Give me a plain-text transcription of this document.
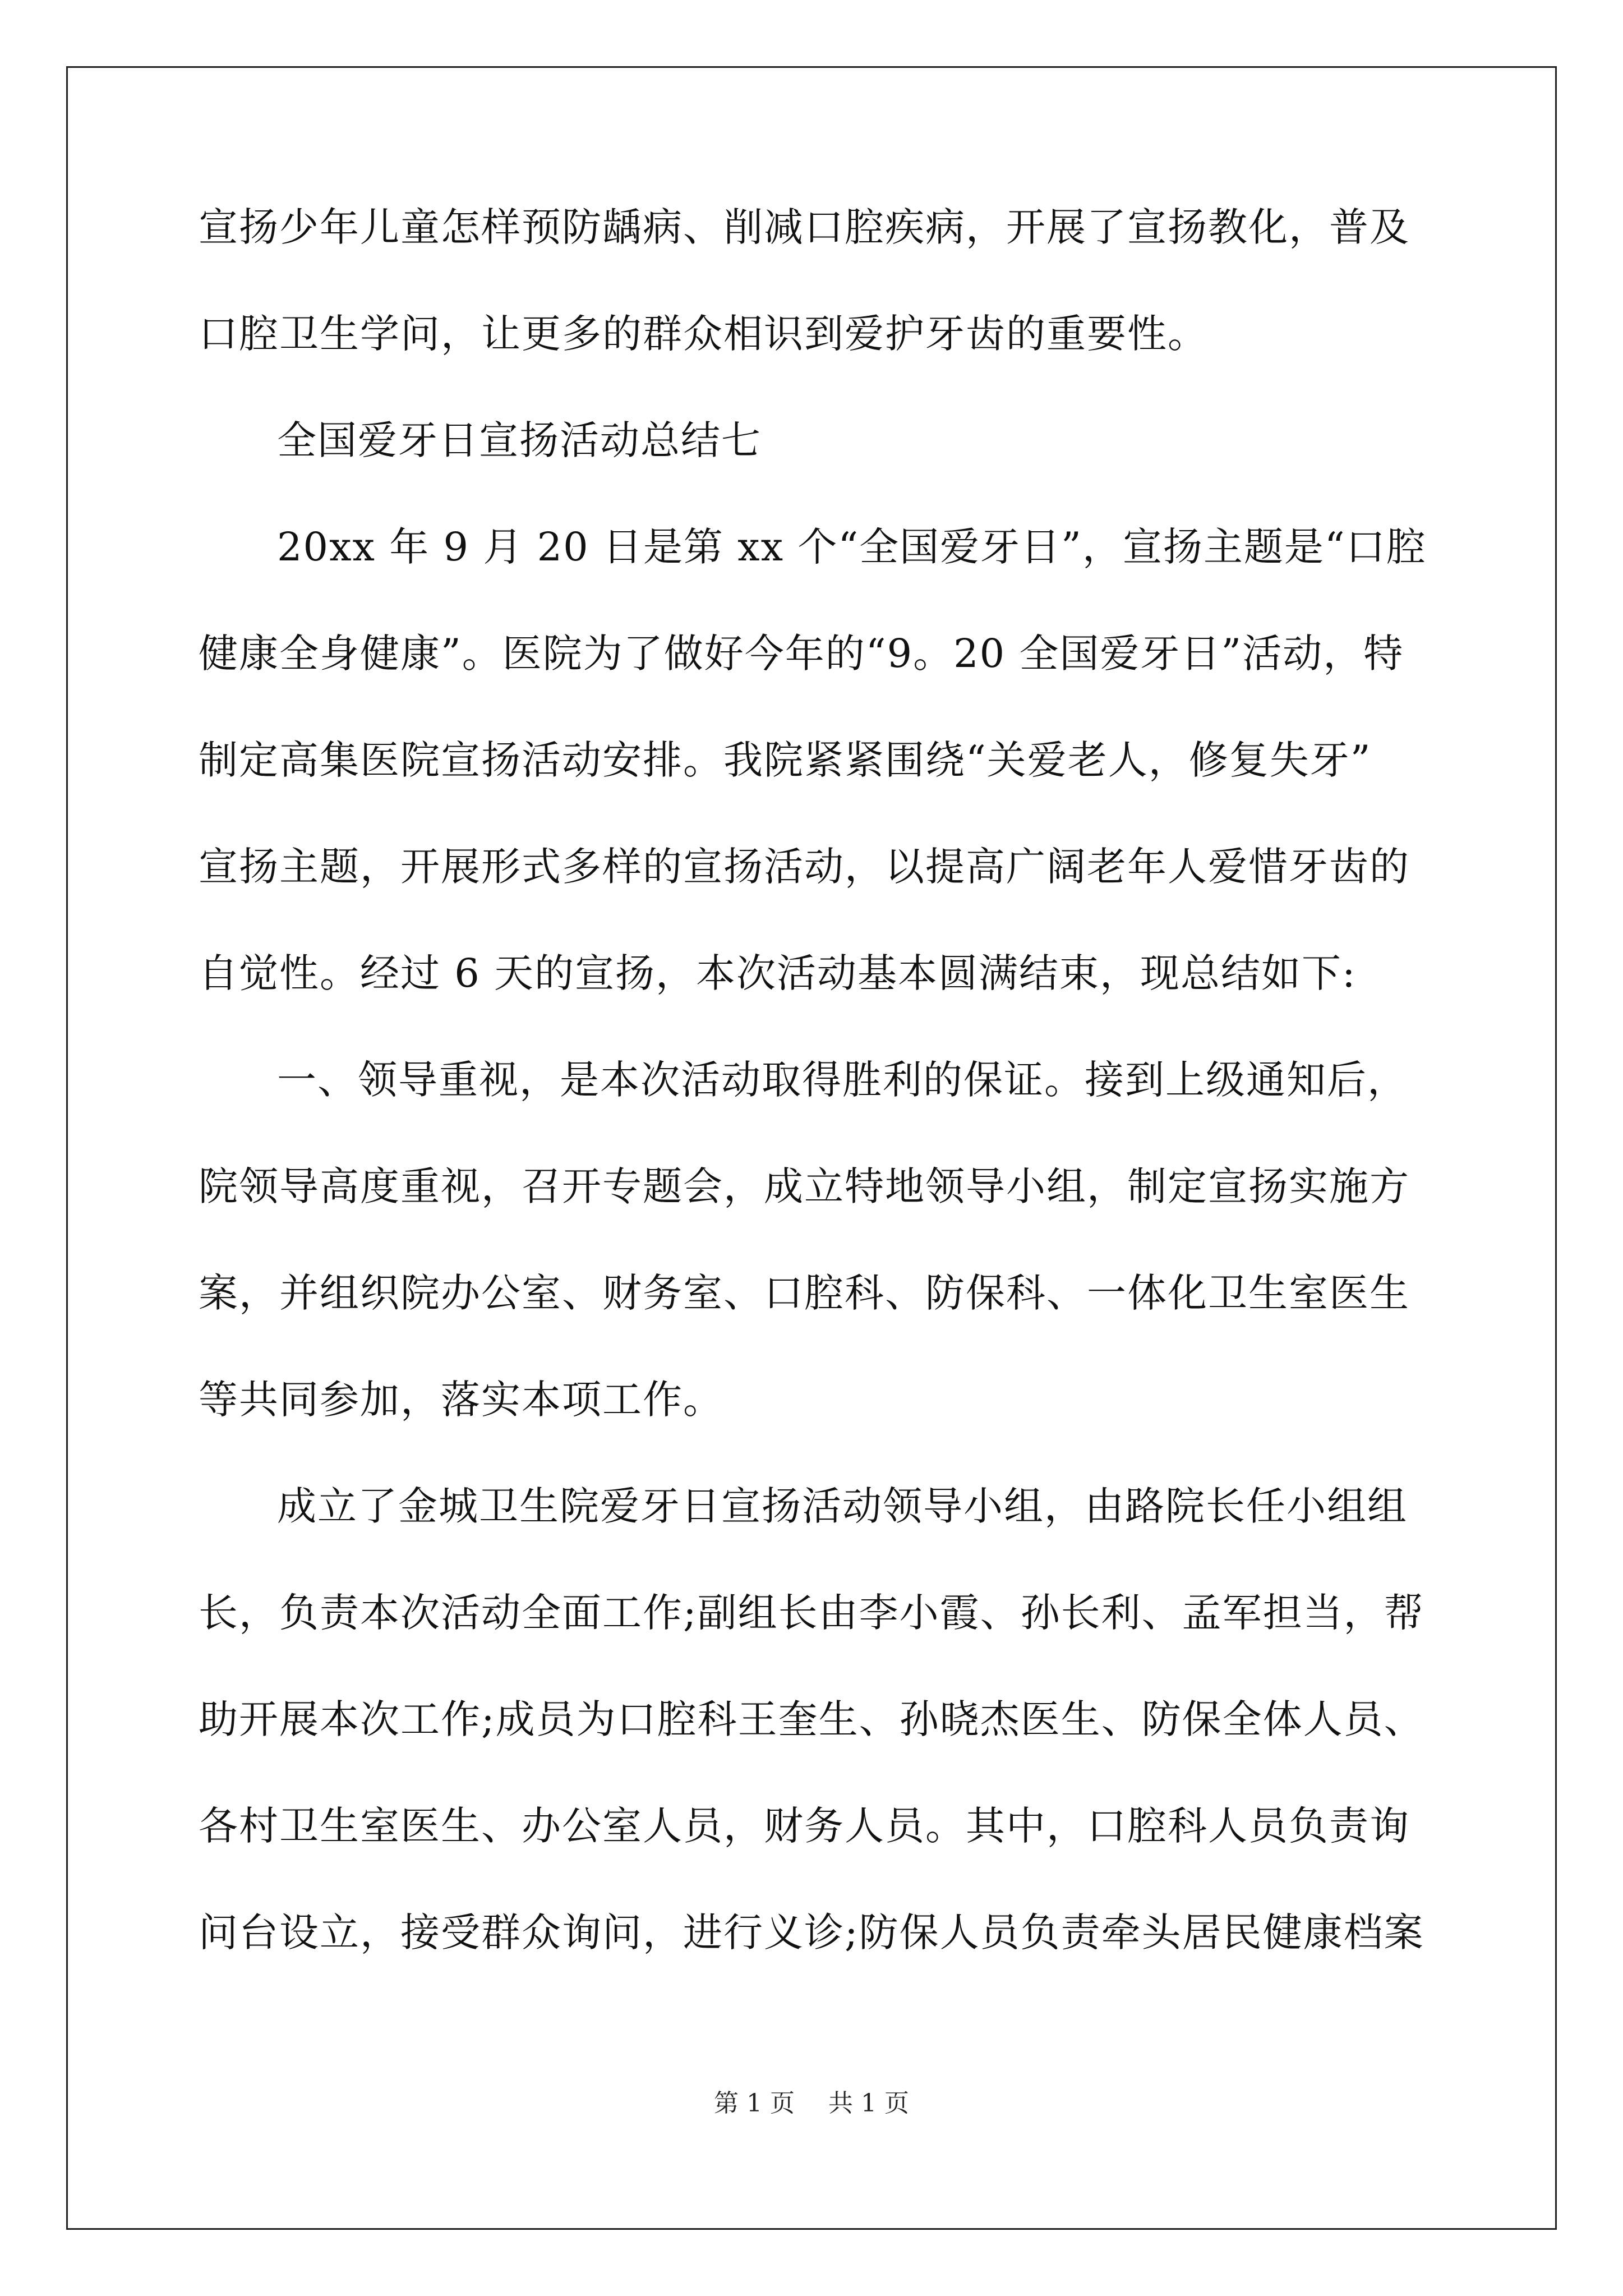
宣扬少年儿童怎样预防龋病、削减口腔疾病，开展了宣扬教化，普及
口腔卫生学问，让更多的群众相识到爱护牙齿的重要性。
全国爱牙日宣扬活动总结七
20xx 年 9 月 20 日是第 xx 个“全国爱牙日”，宣扬主题是“口腔
健康全身健康”。医院为了做好今年的“9。20 全国爱牙日”活动，特
制定高集医院宣扬活动安排。我院紧紧围绕“关爱老人，修复失牙”
宣扬主题，开展形式多样的宣扬活动，以提高广阔老年人爱惜牙齿的
自觉性。经过 6 天的宣扬，本次活动基本圆满结束，现总结如下:
一、领导重视，是本次活动取得胜利的保证。接到上级通知后，
院领导高度重视，召开专题会，成立特地领导小组，制定宣扬实施方
案，并组织院办公室、财务室、口腔科、防保科、一体化卫生室医生
等共同参加，落实本项工作。
成立了金城卫生院爱牙日宣扬活动领导小组，由路院长任小组组
长，负责本次活动全面工作;副组长由李小霞、孙长利、孟军担当，帮
助开展本次工作;成员为口腔科王奎生、孙晓杰医生、防保全体人员、
各村卫生室医生、办公室人员，财务人员。其中，口腔科人员负责询
问台设立，接受群众询问，进行义诊;防保人员负责牵头居民健康档案
第 1 页 共 1 页
